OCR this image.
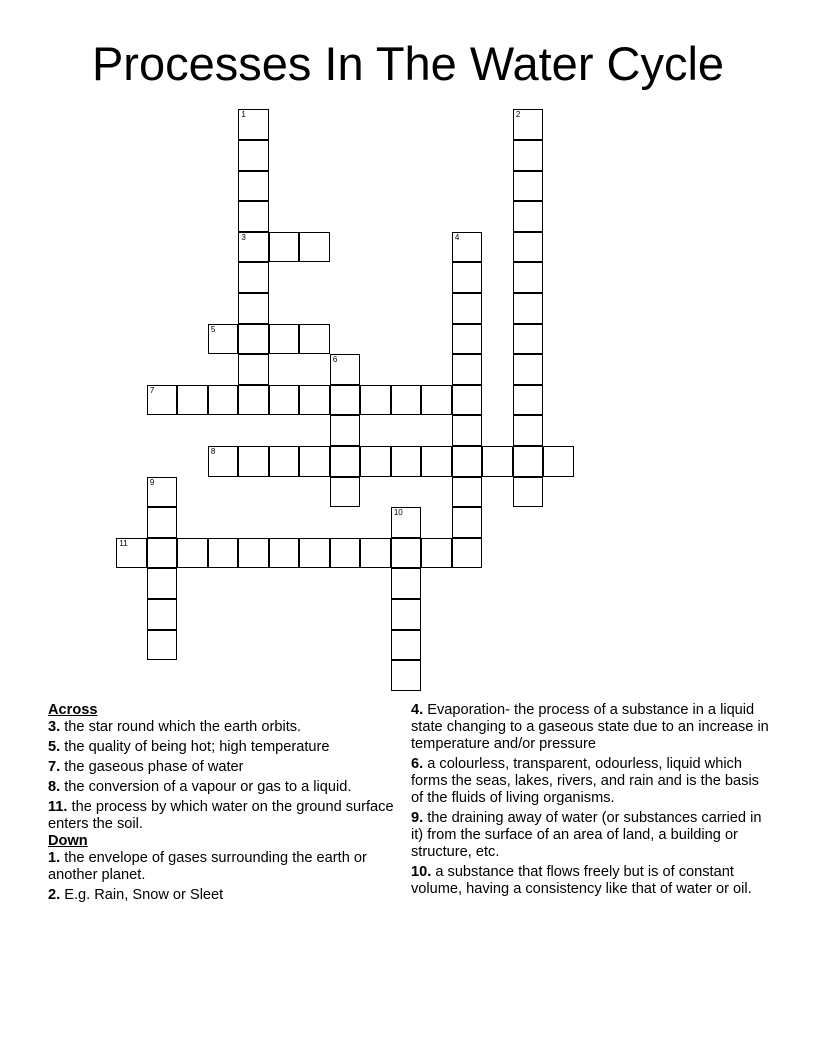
Processes In The Water Cycle
1
3
2
4
5
6
7
8
9
10
11
Across
3. the star round which the earth orbits.
5. the quality of being hot; high temperature
7. the gaseous phase of water
8. the conversion of a vapour or gas to a liquid.
11. the process by which water on the ground surface enters the soil.
Down
1. the envelope of gases surrounding the earth or another planet.
2. E.g. Rain, Snow or Sleet
4. Evaporation- the process of a substance in a liquid state changing to a gaseous state due to an increase in temperature and/or pressure
6. a colourless, transparent, odourless, liquid which forms the seas, lakes, rivers, and rain and is the basis of the fluids of living organisms.
9. the draining away of water (or substances carried in it) from the surface of an area of land, a building or structure, etc.
10. a substance that flows freely but is of constant volume, having a consistency like that of water or oil.
